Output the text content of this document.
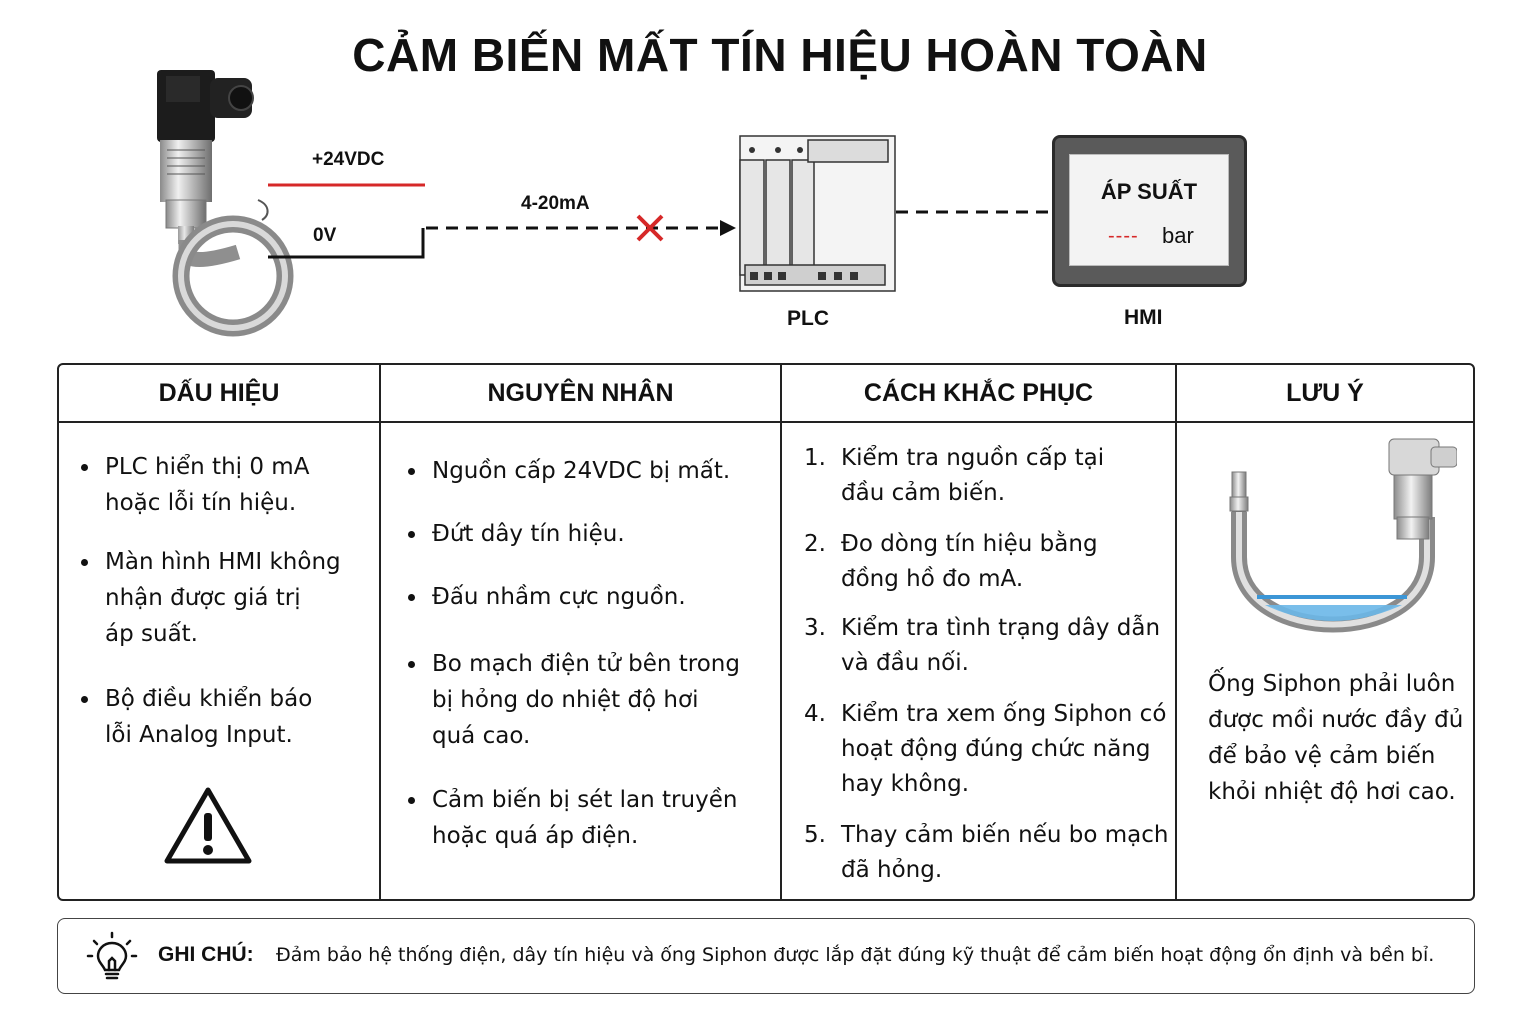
CẢM BIẾN MẤT TÍN HIỆU HOÀN TOÀN
+24VDC
0V
4-20mA
PLC	HMI
ÁP SUẤT
---- bar
DẤU HIỆU
PLC hiển thị 0 mA
hoặc lỗi tín hiệu.
Màn hình HMI không
nhận được giá trị
áp suất.
Bộ điều khiển báo
lỗi Analog Input.
NGUYÊN NHÂN
Nguồn cấp 24VDC bị mất.
Đứt dây tín hiệu.
Đấu nhầm cực nguồn.
Bo mạch điện tử bên trong
bị hỏng do nhiệt độ hơi
quá cao.
Cảm biến bị sét lan truyền
hoặc quá áp điện.
CÁCH KHẮC PHỤC
1. Kiểm tra nguồn cấp tại
đầu cảm biến.
2. Đo dòng tín hiệu bằng
đồng hồ đo mA.
3. Kiểm tra tình trạng dây dẫn
và đầu nối.
4. Kiểm tra xem ống Siphon có
hoạt động đúng chức năng
hay không.
5. Thay cảm biến nếu bo mạch
đã hỏng.
LƯU Ý
Ống Siphon phải luôn
được mồi nước đầy đủ
để bảo vệ cảm biến
khỏi nhiệt độ hơi cao.
GHI CHÚ: Đảm bảo hệ thống điện, dây tín hiệu và ống Siphon được lắp đặt đúng kỹ thuật để cảm biến hoạt động ổn định và bền bỉ.
